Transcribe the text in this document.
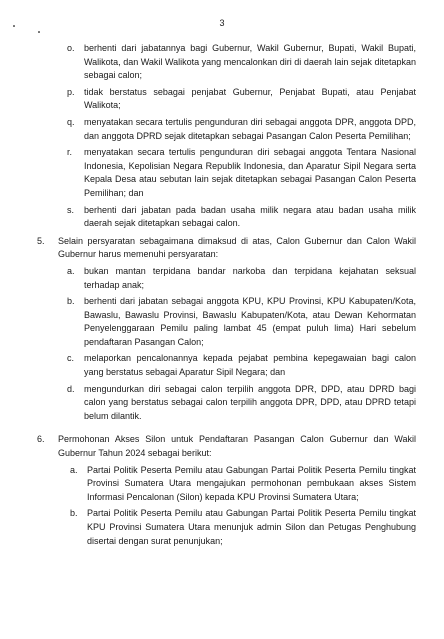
3
o. berhenti dari jabatannya bagi Gubernur, Wakil Gubernur, Bupati, Wakil Bupati, Walikota, dan Wakil Walikota yang mencalonkan diri di daerah lain sejak ditetapkan sebagai calon;
p. tidak berstatus sebagai penjabat Gubernur, Penjabat Bupati, atau Penjabat Walikota;
q. menyatakan secara tertulis pengunduran diri sebagai anggota DPR, anggota DPD, dan anggota DPRD sejak ditetapkan sebagai Pasangan Calon Peserta Pemilihan;
r. menyatakan secara tertulis pengunduran diri sebagai anggota Tentara Nasional Indonesia, Kepolisian Negara Republik Indonesia, dan Aparatur Sipil Negara serta Kepala Desa atau sebutan lain sejak ditetapkan sebagai Pasangan Calon Peserta Pemilihan; dan
s. berhenti dari jabatan pada badan usaha milik negara atau badan usaha milik daerah sejak ditetapkan sebagai calon.
5. Selain persyaratan sebagaimana dimaksud di atas, Calon Gubernur dan Calon Wakil Gubernur harus memenuhi persyaratan:
a. bukan mantan terpidana bandar narkoba dan terpidana kejahatan seksual terhadap anak;
b. berhenti dari jabatan sebagai anggota KPU, KPU Provinsi, KPU Kabupaten/Kota, Bawaslu, Bawaslu Provinsi, Bawaslu Kabupaten/Kota, atau Dewan Kehormatan Penyelenggaraan Pemilu paling lambat 45 (empat puluh lima) Hari sebelum pendaftaran Pasangan Calon;
c. melaporkan pencalonannya kepada pejabat pembina kepegawaian bagi calon yang berstatus sebagai Aparatur Sipil Negara; dan
d. mengundurkan diri sebagai calon terpilih anggota DPR, DPD, atau DPRD bagi calon yang berstatus sebagai calon terpilih anggota DPR, DPD, atau DPRD tetapi belum dilantik.
6. Permohonan Akses Silon untuk Pendaftaran Pasangan Calon Gubernur dan Wakil Gubernur Tahun 2024 sebagai berikut:
a. Partai Politik Peserta Pemilu atau Gabungan Partai Politik Peserta Pemilu tingkat Provinsi Sumatera Utara mengajukan permohonan pembukaan akses Sistem Informasi Pencalonan (Silon) kepada KPU Provinsi Sumatera Utara;
b. Partai Politik Peserta Pemilu atau Gabungan Partai Politik Peserta Pemilu tingkat KPU Provinsi Sumatera Utara menunjuk admin Silon dan Petugas Penghubung disertai dengan surat penunjukan;
